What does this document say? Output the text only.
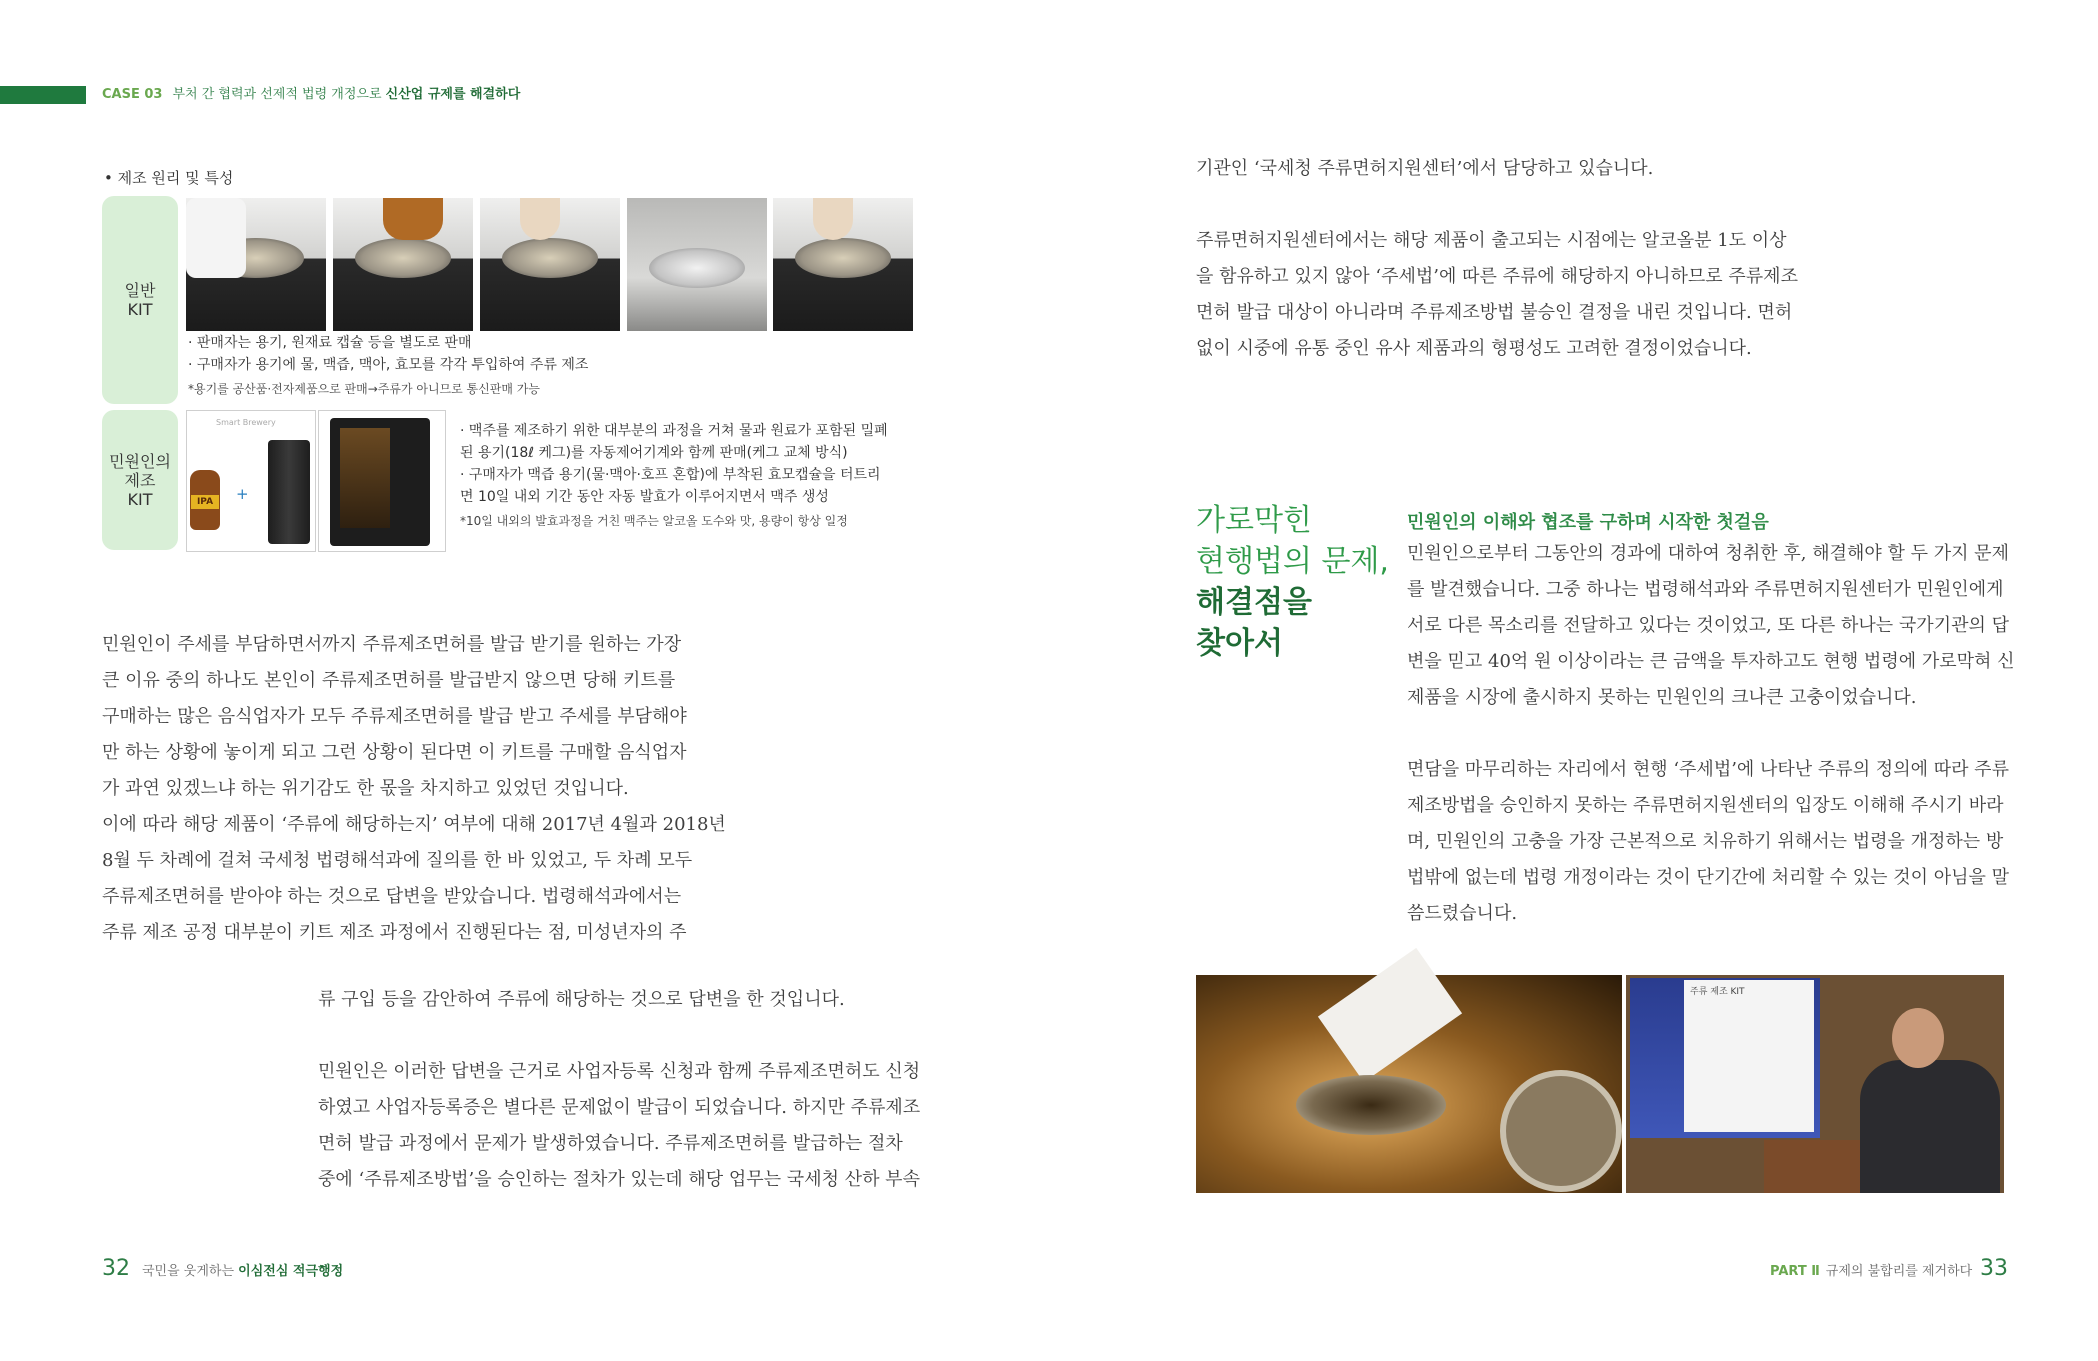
CASE 03 부처 간 협력과 선제적 법령 개정으로 신산업 규제를 해결하다
• 제조 원리 및 특성
일반
KIT
민원인의
제조
KIT
· 판매자는 용기, 원재료 캡슐 등을 별도로 판매
· 구매자가 용기에 물, 맥즙, 맥아, 효모를 각각 투입하여 주류 제조
*용기를 공산품·전자제품으로 판매→주류가 아니므로 통신판매 가능
Smart Brewery
IPA	+
· 맥주를 제조하기 위한 대부분의 과정을 거쳐 물과 원료가 포함된 밀폐
된 용기(18ℓ 케그)를 자동제어기계와 함께 판매(케그 교체 방식)
· 구매자가 맥즙 용기(물·맥아·호프 혼합)에 부착된 효모캡슐을 터트리
면 10일 내외 기간 동안 자동 발효가 이루어지면서 맥주 생성
*10일 내외의 발효과정을 거친 맥주는 알코올 도수와 맛, 용량이 항상 일정
민원인이 주세를 부담하면서까지 주류제조면허를 발급 받기를 원하는 가장
큰 이유 중의 하나도 본인이 주류제조면허를 발급받지 않으면 당해 키트를
구매하는 많은 음식업자가 모두 주류제조면허를 발급 받고 주세를 부담해야
만 하는 상황에 놓이게 되고 그런 상황이 된다면 이 키트를 구매할 음식업자
가 과연 있겠느냐 하는 위기감도 한 몫을 차지하고 있었던 것입니다.
이에 따라 해당 제품이 ‘주류에 해당하는지’ 여부에 대해 2017년 4월과 2018년
8월 두 차례에 걸쳐 국세청 법령해석과에 질의를 한 바 있었고, 두 차례 모두
주류제조면허를 받아야 하는 것으로 답변을 받았습니다. 법령해석과에서는
주류 제조 공정 대부분이 키트 제조 과정에서 진행된다는 점, 미성년자의 주
류 구입 등을 감안하여 주류에 해당하는 것으로 답변을 한 것입니다.
민원인은 이러한 답변을 근거로 사업자등록 신청과 함께 주류제조면허도 신청
하였고 사업자등록증은 별다른 문제없이 발급이 되었습니다. 하지만 주류제조
면허 발급 과정에서 문제가 발생하였습니다. 주류제조면허를 발급하는 절차
중에 ‘주류제조방법’을 승인하는 절차가 있는데 해당 업무는 국세청 산하 부속
기관인 ‘국세청 주류면허지원센터’에서 담당하고 있습니다.
주류면허지원센터에서는 해당 제품이 출고되는 시점에는 알코올분 1도 이상
을 함유하고 있지 않아 ‘주세법’에 따른 주류에 해당하지 아니하므로 주류제조
면허 발급 대상이 아니라며 주류제조방법 불승인 결정을 내린 것입니다. 면허
없이 시중에 유통 중인 유사 제품과의 형평성도 고려한 결정이었습니다.
가로막힌
현행법의 문제,
해결점을
찾아서
민원인의 이해와 협조를 구하며 시작한 첫걸음
민원인으로부터 그동안의 경과에 대하여 청취한 후, 해결해야 할 두 가지 문제
를 발견했습니다. 그중 하나는 법령해석과와 주류면허지원센터가 민원인에게
서로 다른 목소리를 전달하고 있다는 것이었고, 또 다른 하나는 국가기관의 답
변을 믿고 40억 원 이상이라는 큰 금액을 투자하고도 현행 법령에 가로막혀 신
제품을 시장에 출시하지 못하는 민원인의 크나큰 고충이었습니다.
면담을 마무리하는 자리에서 현행 ‘주세법’에 나타난 주류의 정의에 따라 주류
제조방법을 승인하지 못하는 주류면허지원센터의 입장도 이해해 주시기 바라
며, 민원인의 고충을 가장 근본적으로 치유하기 위해서는 법령을 개정하는 방
법밖에 없는데 법령 개정이라는 것이 단기간에 처리할 수 있는 것이 아님을 말
씀드렸습니다.
주류 제조 KIT
32 국민을 웃게하는 이심전심 적극행정	PART Ⅱ 규제의 불합리를 제거하다 33
